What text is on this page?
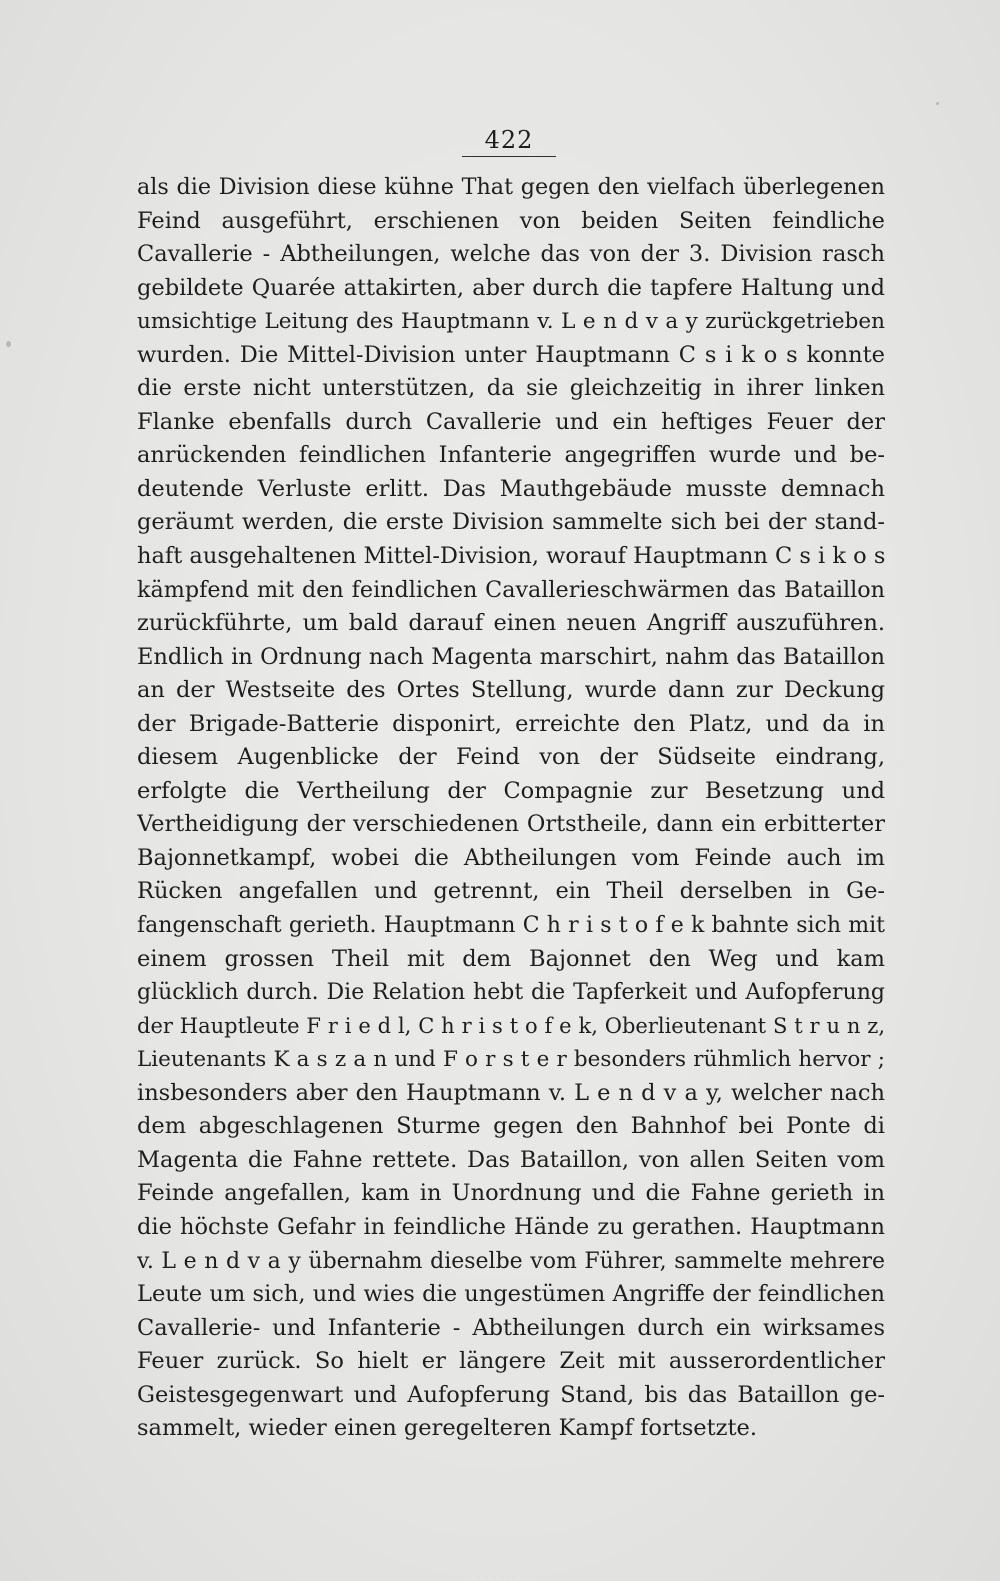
422
als die Division diese kühne That gegen den vielfach überlegenen
Feind ausgeführt, erschienen von beiden Seiten feindliche
Cavallerie - Abtheilungen, welche das von der 3. Division rasch
gebildete Quarée attakirten, aber durch die tapfere Haltung und
umsichtige Leitung des Hauptmann v. L e n d v a y zurückgetrieben
wurden. Die Mittel-Division unter Hauptmann C s i k o s konnte
die erste nicht unterstützen, da sie gleichzeitig in ihrer linken
Flanke ebenfalls durch Cavallerie und ein heftiges Feuer der
anrückenden feindlichen Infanterie angegriffen wurde und be-
deutende Verluste erlitt. Das Mauthgebäude musste demnach
geräumt werden, die erste Division sammelte sich bei der stand-
haft ausgehaltenen Mittel-Division, worauf Hauptmann C s i k o s
kämpfend mit den feindlichen Cavallerieschwärmen das Bataillon
zurückführte, um bald darauf einen neuen Angriff auszuführen.
Endlich in Ordnung nach Magenta marschirt, nahm das Bataillon
an der Westseite des Ortes Stellung, wurde dann zur Deckung
der Brigade-Batterie disponirt, erreichte den Platz, und da in
diesem Augenblicke der Feind von der Südseite eindrang,
erfolgte die Vertheilung der Compagnie zur Besetzung und
Vertheidigung der verschiedenen Ortstheile, dann ein erbitterter
Bajonnetkampf, wobei die Abtheilungen vom Feinde auch im
Rücken angefallen und getrennt, ein Theil derselben in Ge-
fangenschaft gerieth. Hauptmann C h r i s t o f e k bahnte sich mit
einem grossen Theil mit dem Bajonnet den Weg und kam
glücklich durch. Die Relation hebt die Tapferkeit und Aufopferung
der Hauptleute F r i e d l, C h r i s t o f e k, Oberlieutenant S t r u n z,
Lieutenants K a s z a n und F o r s t e r besonders rühmlich hervor ;
insbesonders aber den Hauptmann v. L e n d v a y, welcher nach
dem abgeschlagenen Sturme gegen den Bahnhof bei Ponte di
Magenta die Fahne rettete. Das Bataillon, von allen Seiten vom
Feinde angefallen, kam in Unordnung und die Fahne gerieth in
die höchste Gefahr in feindliche Hände zu gerathen. Hauptmann
v. L e n d v a y übernahm dieselbe vom Führer, sammelte mehrere
Leute um sich, und wies die ungestümen Angriffe der feindlichen
Cavallerie- und Infanterie - Abtheilungen durch ein wirksames
Feuer zurück. So hielt er längere Zeit mit ausserordentlicher
Geistesgegenwart und Aufopferung Stand, bis das Bataillon ge-
sammelt, wieder einen geregelteren Kampf fortsetzte.
